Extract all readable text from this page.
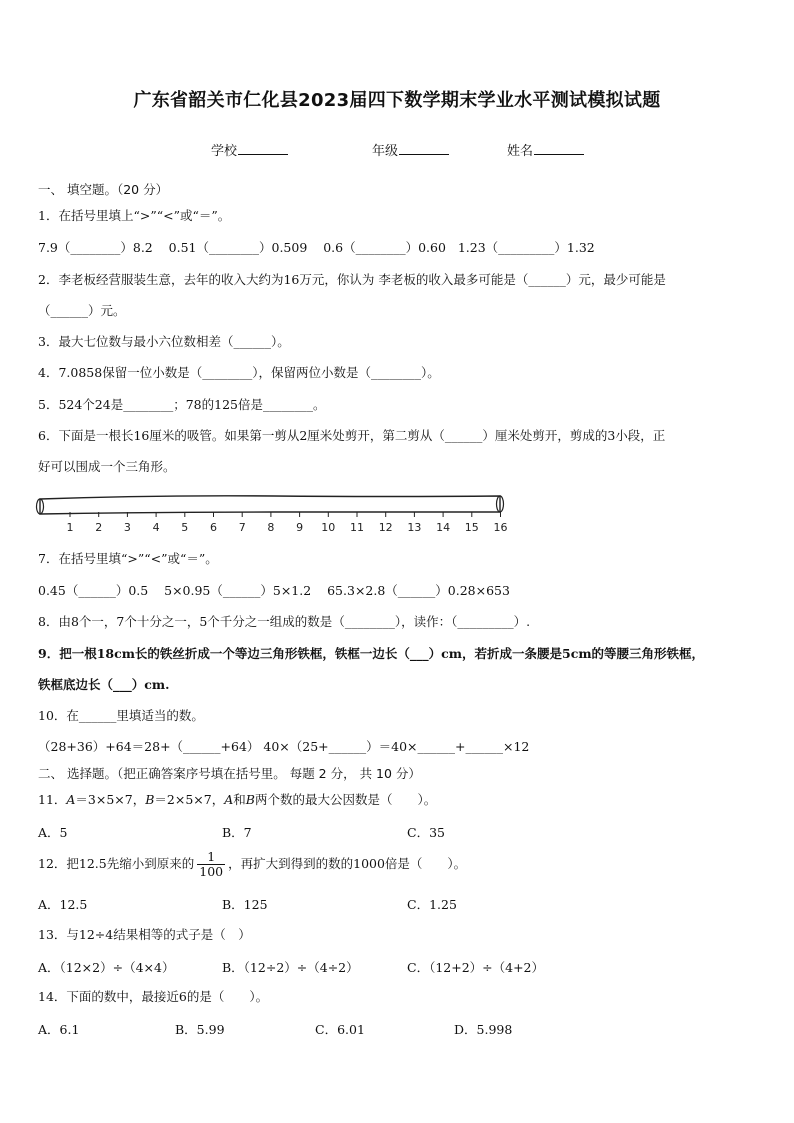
广东省韶关市仁化县2023届四下数学期末学业水平测试模拟试题
学校	年级	姓名
一、 填空题。（20 分）
1．在括号里填上“>”“<”或“＝”。
7.9（________）8.2 0.51（________）0.509 0.6（________）0.60 1.23（_________）1.32
2．李老板经营服装生意，去年的收入大约为16万元，你认为 李老板的收入最多可能是（______）元，最少可能是
（______）元。
3．最大七位数与最小六位数相差（______）。
4．7.0858保留一位小数是（________），保留两位小数是（________）。
5．524个24是________；78的125倍是________。
6．下面是一根长16厘米的吸管。如果第一剪从2厘米处剪开，第二剪从（______）厘米处剪开，剪成的3小段，正
好可以围成一个三角形。
1 2 3 4 5 6 7 8 9 10 11 12 13 14 15 16
7．在括号里填“>”“<”或“＝”。
0.45（______）0.5 5×0.95（______）5×1.2 65.3×2.8（______）0.28×653
8．由8个一，7个十分之一，5个千分之一组成的数是（________），读作：（_________）.
9．把一根18cm长的铁丝折成一个等边三角形铁框，铁框一边长（___）cm，若折成一条腰是5cm的等腰三角形铁框，
铁框底边长（___）cm.
10．在______里填适当的数。
（28+36）+64＝28+（______+64） 40×（25+______）＝40×______+______×12
二、 选择题。（把正确答案序号填在括号里。 每题 2 分， 共 10 分）
11．𝐴＝3×5×7，𝐵＝2×5×7，𝐴和𝐵两个数的最大公因数是（　　）。
A．5	B．7	C．35
12．把12.5先缩小到原来的 $\frac{1}{100}$ ，再扩大到得到的数的1000倍是（　　）。
A．12.5	B．125	C．1.25
13．与12÷4结果相等的式子是（　）
A．（12×2）÷（4×4）	B．（12÷2）÷（4÷2）	C．（12+2）÷（4+2）
14．下面的数中，最接近6的是（　　）。
A．6.1	B．5.99	C．6.01	D．5.998
